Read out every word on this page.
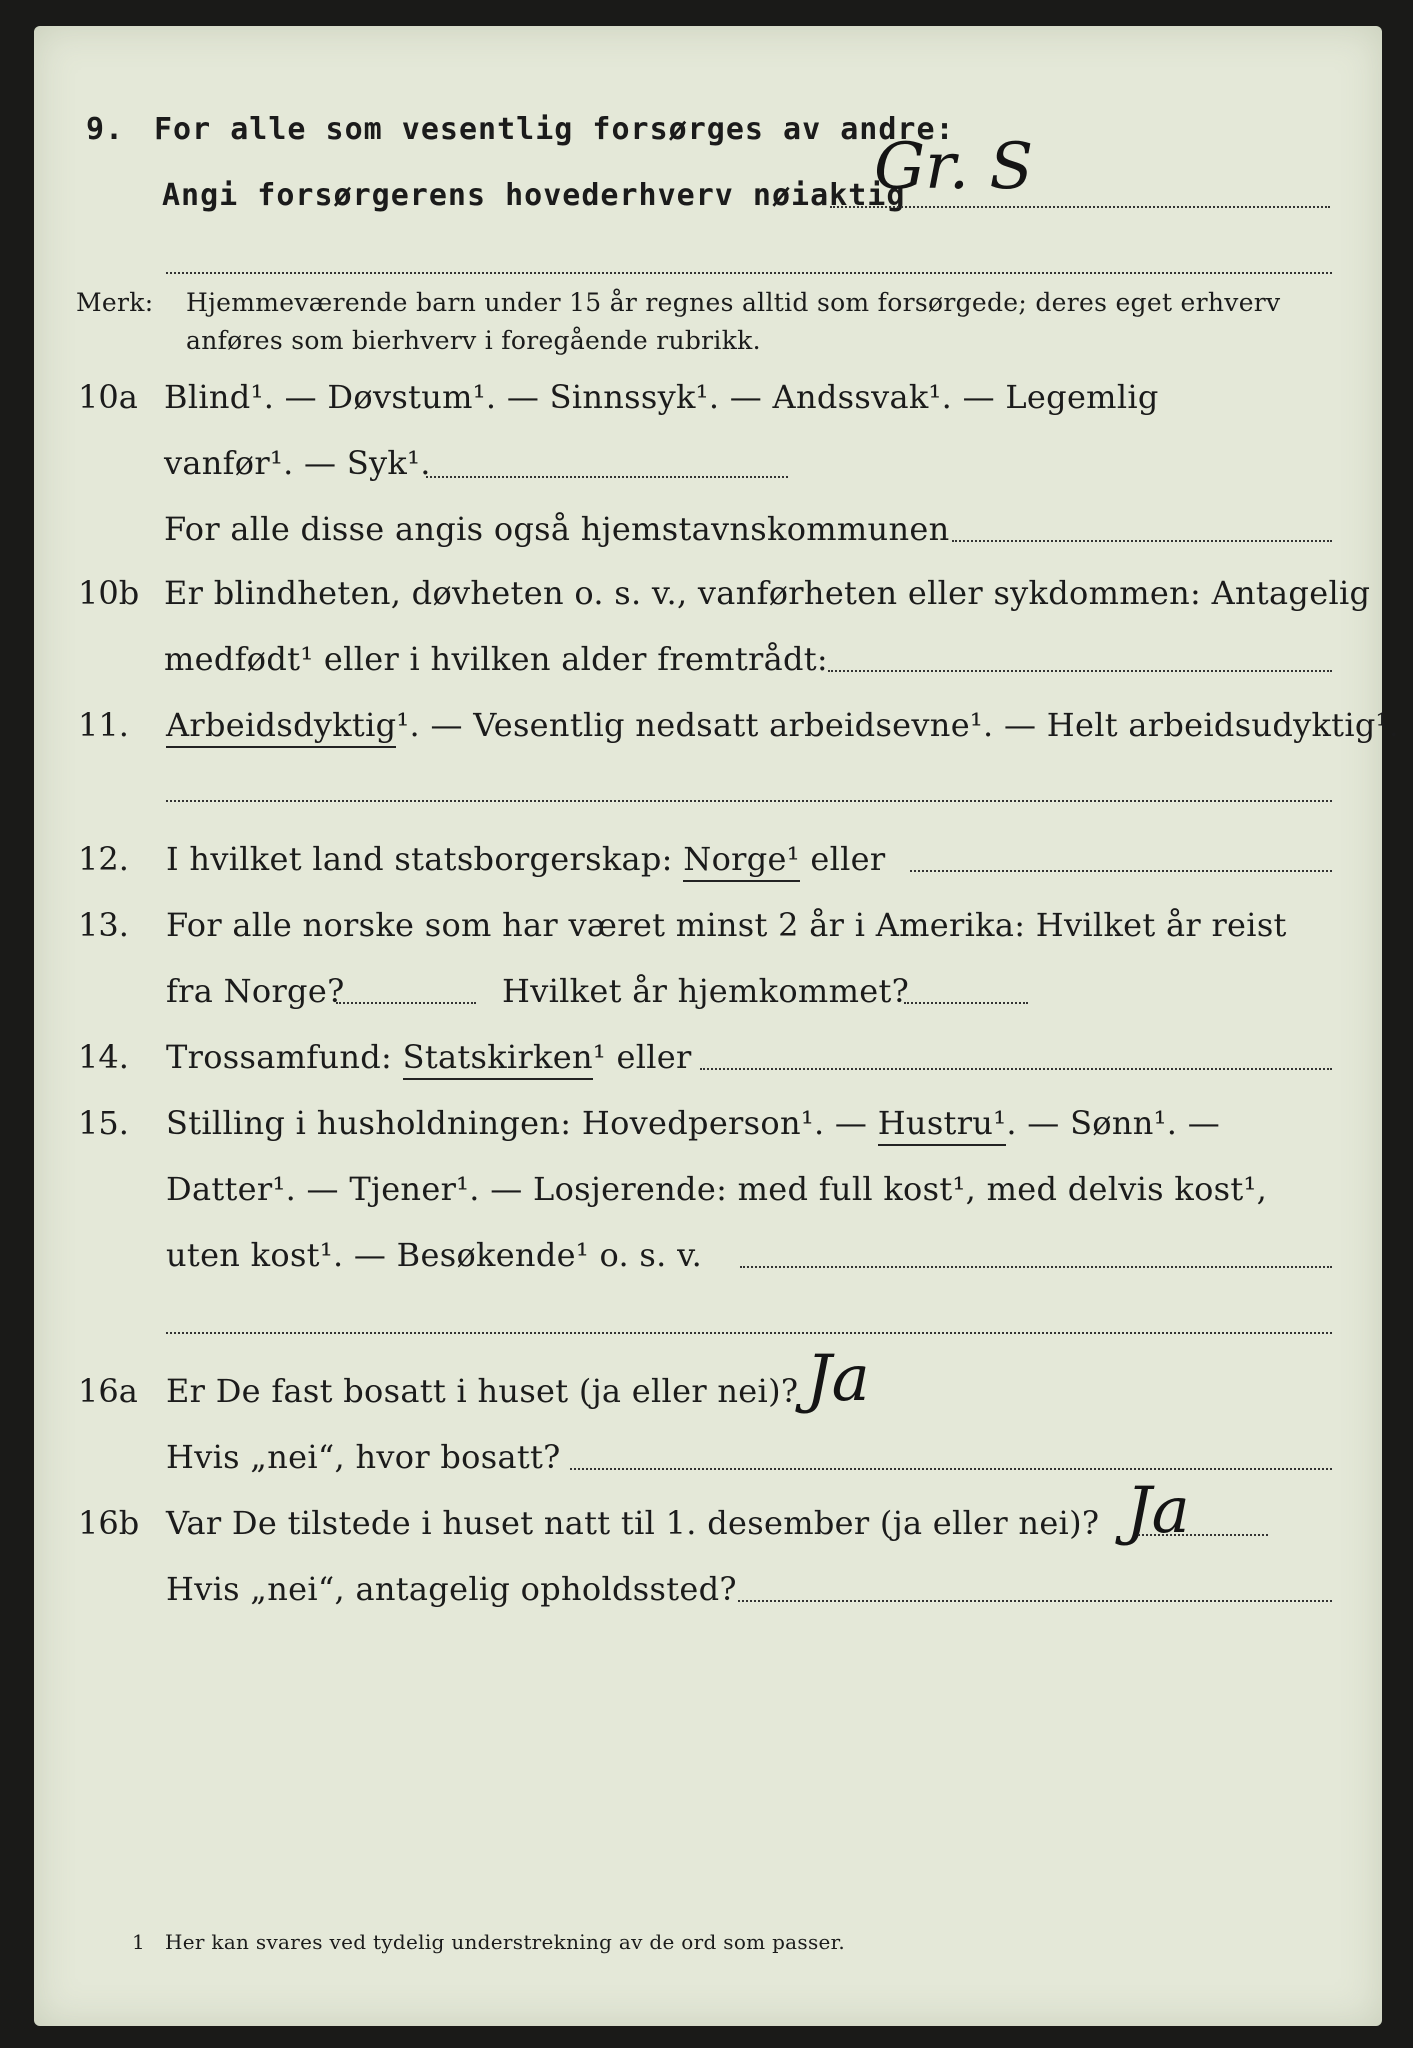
9. For alle som vesentlig forsørges av andre:
Angi forsørgerens hovederhverv nøiaktig
Gr. S
Merk: Hjemmeværende barn under 15 år regnes alltid som forsørgede; deres eget erhverv
anføres som bierhverv i foregående rubrikk.
10a Blind¹. — Døvstum¹. — Sinnssyk¹. — Andssvak¹. — Legemlig
vanfør¹. — Syk¹.
For alle disse angis også hjemstavnskommunen
10b Er blindheten, døvheten o. s. v., vanførheten eller sykdommen: Antagelig
medfødt¹ eller i hvilken alder fremtrådt:
11. Arbeidsdyktig¹. — Vesentlig nedsatt arbeidsevne¹. — Helt arbeidsudyktig¹.
12. I hvilket land statsborgerskap: Norge¹ eller
13. For alle norske som har været minst 2 år i Amerika: Hvilket år reist
fra Norge?	Hvilket år hjemkommet?
14. Trossamfund: Statskirken¹ eller
15. Stilling i husholdningen: Hovedperson¹. — Hustru¹. — Sønn¹. —
Datter¹. — Tjener¹. — Losjerende: med full kost¹, med delvis kost¹,
uten kost¹. — Besøkende¹ o. s. v.
16a Er De fast bosatt i huset (ja eller nei)? Ja
Hvis „nei“, hvor bosatt?
16b Var De tilstede i huset natt til 1. desember (ja eller nei)? Ja
Hvis „nei“, antagelig opholdssted?
1 Her kan svares ved tydelig understrekning av de ord som passer.
